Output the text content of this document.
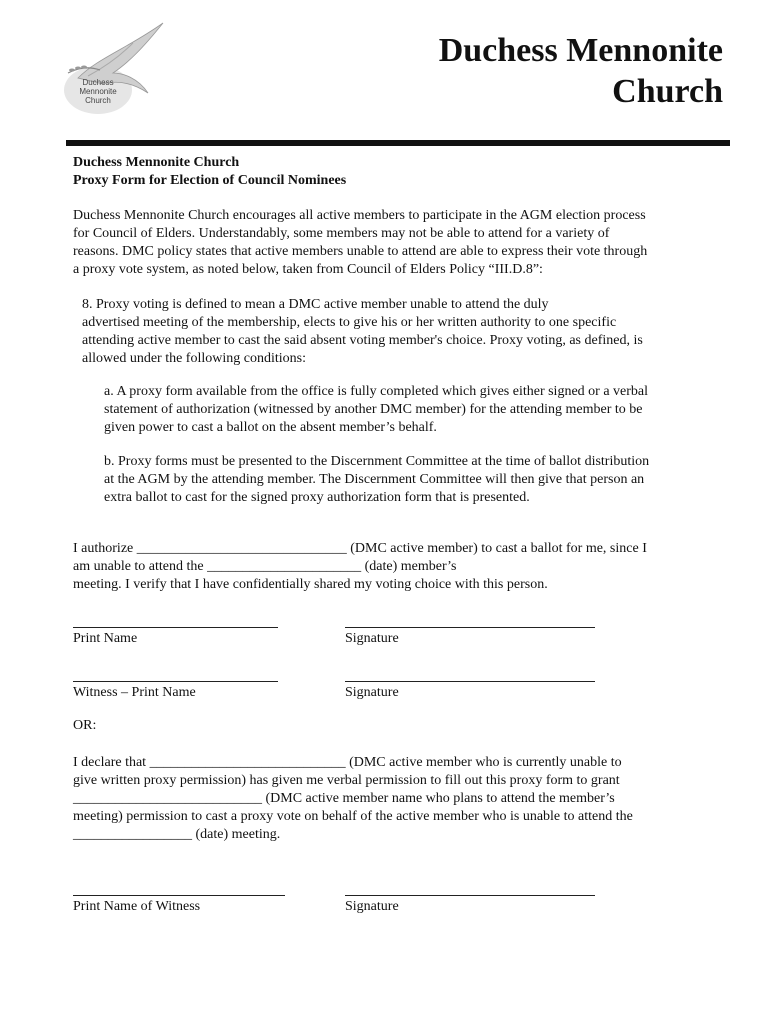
Duchess
Mennonite
Church
Duchess Mennonite
Church
Duchess Mennonite Church
Proxy Form for Election of Council Nominees
Duchess Mennonite Church encourages all active members to participate in the AGM election process
for Council of Elders. Understandably, some members may not be able to attend for a variety of
reasons. DMC policy states that active members unable to attend are able to express their vote through
a proxy vote system, as noted below, taken from Council of Elders Policy “III.D.8”:
8. Proxy voting is defined to mean a DMC active member unable to attend the duly
advertised meeting of the membership, elects to give his or her written authority to one specific
attending active member to cast the said absent voting member's choice. Proxy voting, as defined, is
allowed under the following conditions:
a. A proxy form available from the office is fully completed which gives either signed or a verbal
statement of authorization (witnessed by another DMC member) for the attending member to be
given power to cast a ballot on the absent member’s behalf.
b. Proxy forms must be presented to the Discernment Committee at the time of ballot distribution
at the AGM by the attending member. The Discernment Committee will then give that person an
extra ballot to cast for the signed proxy authorization form that is presented.
I authorize ______________________________ (DMC active member) to cast a ballot for me, since I
am unable to attend the ______________________ (date) member’s
meeting. I verify that I have confidentially shared my voting choice with this person.
Print Name	Signature
Witness – Print Name	Signature
OR:
I declare that ____________________________ (DMC active member who is currently unable to
give written proxy permission) has given me verbal permission to fill out this proxy form to grant
___________________________ (DMC active member name who plans to attend the member’s
meeting) permission to cast a proxy vote on behalf of the active member who is unable to attend the
_________________ (date) meeting.
Print Name of Witness	Signature
